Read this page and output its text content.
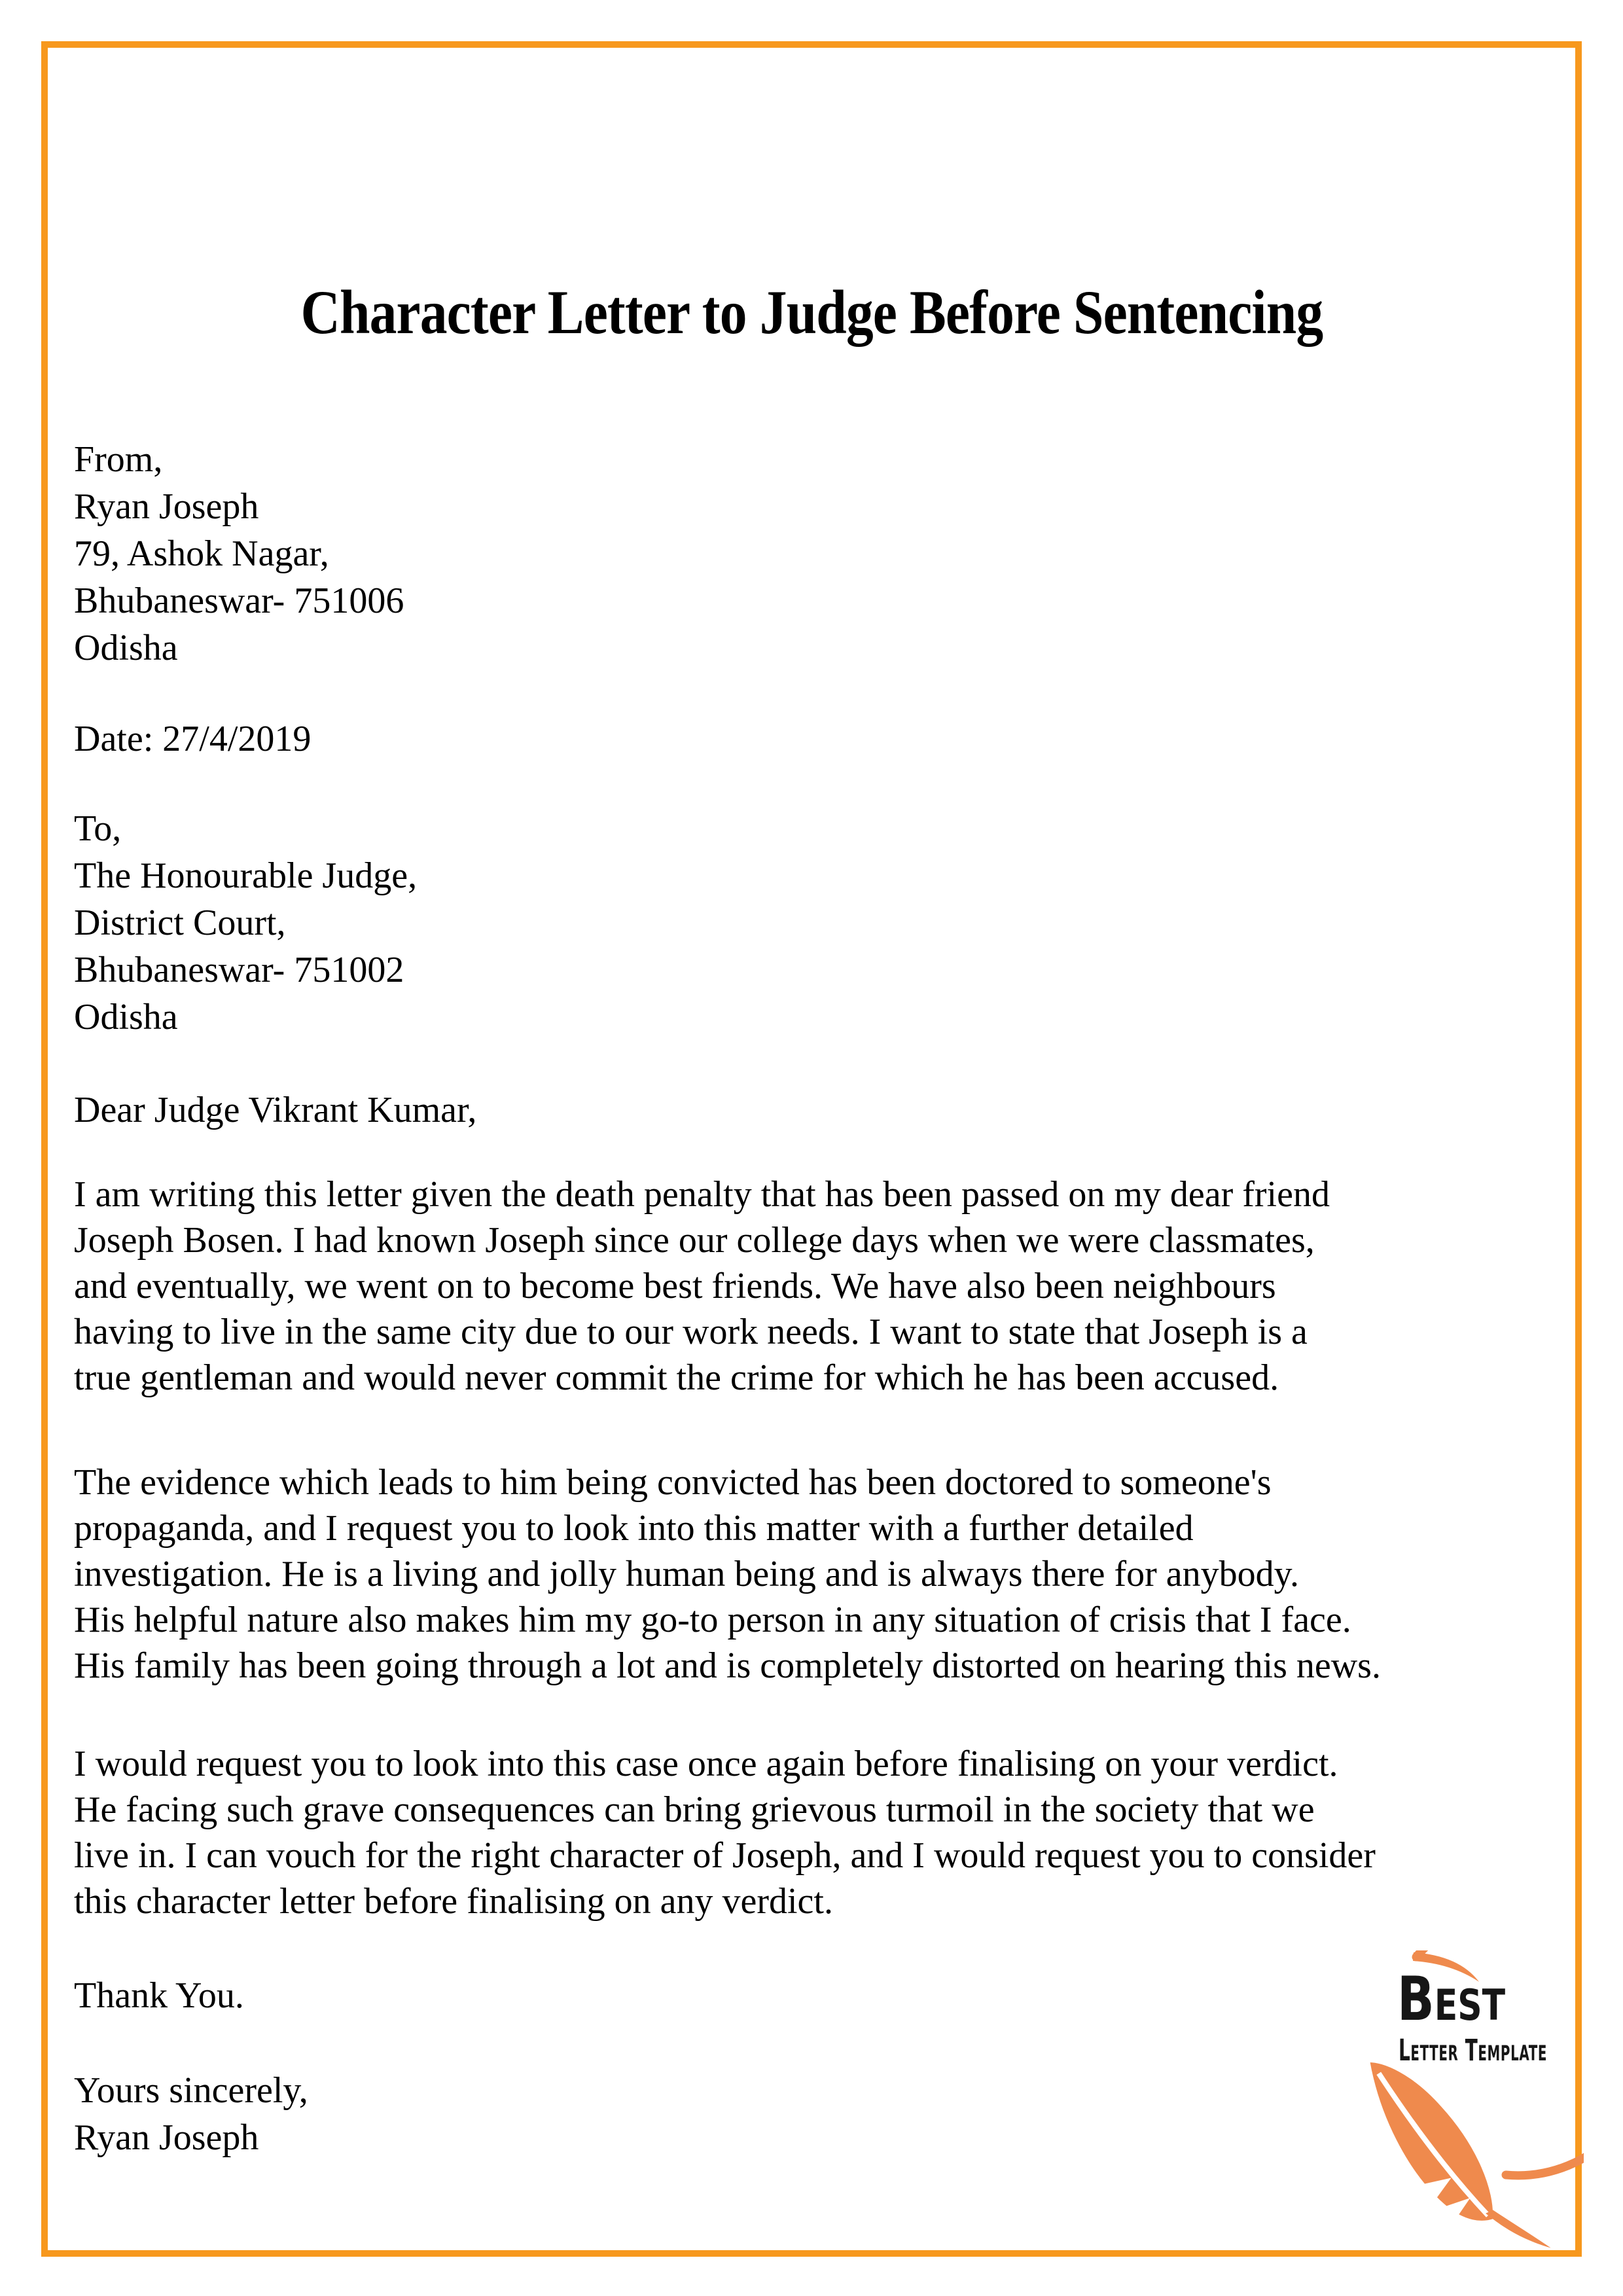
Character Letter to Judge Before Sentencing
From,
Ryan Joseph
79, Ashok Nagar,
Bhubaneswar- 751006
Odisha
Date: 27/4/2019
To,
The Honourable Judge,
District Court,
Bhubaneswar- 751002
Odisha
Dear Judge Vikrant Kumar,
I am writing this letter given the death penalty that has been passed on my dear friend
Joseph Bosen. I had known Joseph since our college days when we were classmates,
and eventually, we went on to become best friends. We have also been neighbours
having to live in the same city due to our work needs. I want to state that Joseph is a
true gentleman and would never commit the crime for which he has been accused.
The evidence which leads to him being convicted has been doctored to someone's
propaganda, and I request you to look into this matter with a further detailed
investigation. He is a living and jolly human being and is always there for anybody.
His helpful nature also makes him my go-to person in any situation of crisis that I face.
His family has been going through a lot and is completely distorted on hearing this news.
I would request you to look into this case once again before finalising on your verdict.
He facing such grave consequences can bring grievous turmoil in the society that we
live in. I can vouch for the right character of Joseph, and I would request you to consider
this character letter before finalising on any verdict.
Thank You.
Yours sincerely,
Ryan Joseph
Best
Letter Template
